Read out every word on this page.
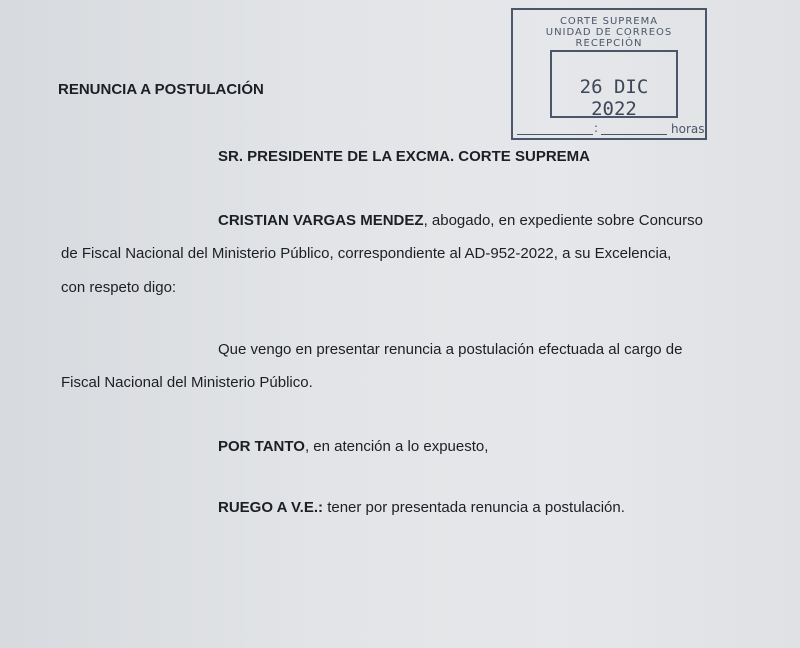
RENUNCIA A POSTULACIÓN
CORTE SUPREMA
UNIDAD DE CORREOS
RECEPCIÓN
26 DIC 2022
:	horas
SR. PRESIDENTE DE LA EXCMA. CORTE SUPREMA
CRISTIAN VARGAS MENDEZ, abogado, en expediente sobre Concurso
de Fiscal Nacional del Ministerio Público, correspondiente al AD-952-2022, a su Excelencia,
con respeto digo:
Que vengo en presentar renuncia a postulación efectuada al cargo de
Fiscal Nacional del Ministerio Público.
POR TANTO, en atención a lo expuesto,
RUEGO A V.E.: tener por presentada renuncia a postulación.
